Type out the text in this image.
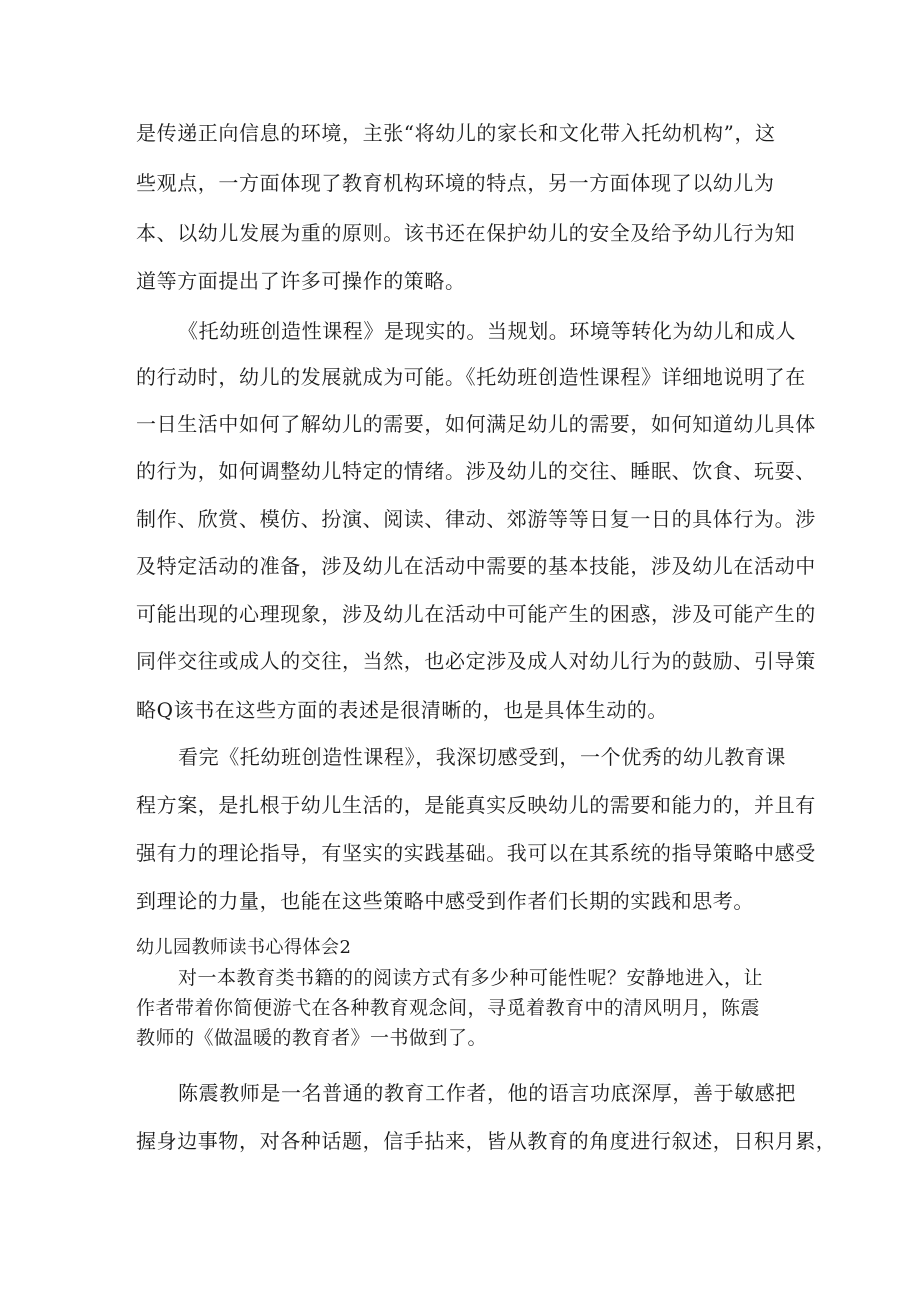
是传递正向信息的环境，主张“将幼儿的家长和文化带入托幼机构”，这
些观点，一方面体现了教育机构环境的特点，另一方面体现了以幼儿为
本、以幼儿发展为重的原则。该书还在保护幼儿的安全及给予幼儿行为知
道等方面提出了许多可操作的策略。
《托幼班创造性课程》是现实的。当规划。环境等转化为幼儿和成人
的行动时，幼儿的发展就成为可能。《托幼班创造性课程》详细地说明了在
一日生活中如何了解幼儿的需要，如何满足幼儿的需要，如何知道幼儿具体
的行为，如何调整幼儿特定的情绪。涉及幼儿的交往、睡眠、饮食、玩耍、
制作、欣赏、模仿、扮演、阅读、律动、郊游等等日复一日的具体行为。涉
及特定活动的准备，涉及幼儿在活动中需要的基本技能，涉及幼儿在活动中
可能出现的心理现象，涉及幼儿在活动中可能产生的困惑，涉及可能产生的
同伴交往或成人的交往，当然，也必定涉及成人对幼儿行为的鼓励、引导策
略Q该书在这些方面的表述是很清晰的，也是具体生动的。
看完《托幼班创造性课程》，我深切感受到，一个优秀的幼儿教育课
程方案，是扎根于幼儿生活的，是能真实反映幼儿的需要和能力的，并且有
强有力的理论指导，有坚实的实践基础。我可以在其系统的指导策略中感受
到理论的力量，也能在这些策略中感受到作者们长期的实践和思考。
幼儿园教师读书心得体会2
对一本教育类书籍的的阅读方式有多少种可能性呢？安静地进入，让
作者带着你简便游弋在各种教育观念间，寻觅着教育中的清风明月，陈震
教师的《做温暖的教育者》一书做到了。
陈震教师是一名普通的教育工作者，他的语言功底深厚，善于敏感把
握身边事物，对各种话题，信手拈来，皆从教育的角度进行叙述，日积月累，
